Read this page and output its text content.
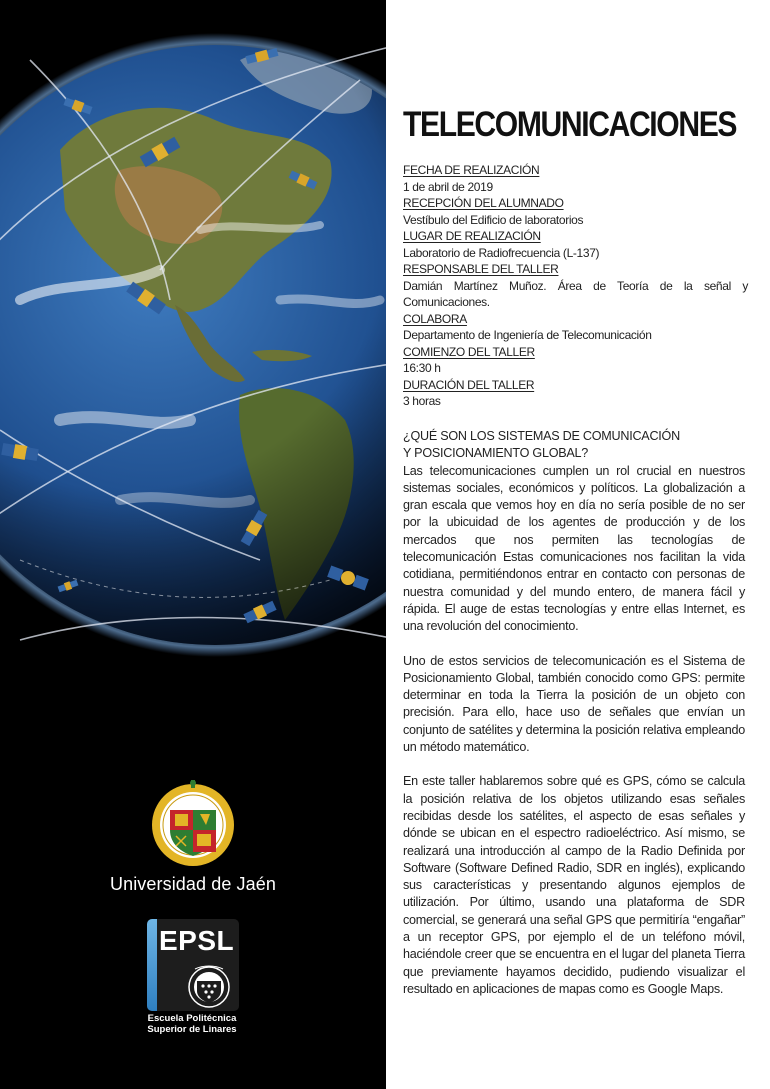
Universidad de Jaén
EPSL
Escuela Politécnica
Superior de Linares
TELECOMUNICACIONES
FECHA DE REALIZACIÓN
1 de abril de 2019
RECEPCIÓN DEL ALUMNADO
Vestíbulo del Edificio de laboratorios
LUGAR DE REALIZACIÓN
Laboratorio de Radiofrecuencia (L-137)
RESPONSABLE DEL TALLER
Damián Martínez Muñoz. Área de Teoría de la señal y Comunicaciones.
COLABORA
Departamento de Ingeniería de Telecomunicación
COMIENZO DEL TALLER
16:30 h
DURACIÓN DEL TALLER
3 horas
¿QUÉ SON LOS SISTEMAS DE COMUNICACIÓN
Y POSICIONAMIENTO GLOBAL?

Las telecomunicaciones cumplen un rol crucial en nuestros sistemas sociales, económicos y políticos. La globalización a gran escala que vemos hoy en día no sería posible de no ser por la ubicuidad de los agentes de producción y de los mercados que nos permiten las tecnologías de telecomunicación Estas comunicaciones nos facilitan la vida cotidiana, permitiéndonos entrar en contacto con personas de nuestra comunidad y del mundo entero, de manera fácil y rápida. El auge de estas tecnologías y entre ellas Internet, es una revolución del conocimiento.

Uno de estos servicios de telecomunicación es el Sistema de Posicionamiento Global, también conocido como GPS: permite determinar en toda la Tierra la posición de un objeto con precisión. Para ello, hace uso de señales que envían un conjunto de satélites y determina la posición relativa empleando un método matemático.

En este taller hablaremos sobre qué es GPS, cómo se calcula la posición relativa de los objetos utilizando esas señales recibidas desde los satélites, el aspecto de esas señales y dónde se ubican en el espectro radioeléctrico. Así mismo, se realizará una introducción al campo de la Radio Definida por Software (Software Defined Radio, SDR en inglés), explicando sus características y presentando algunos ejemplos de utilización. Por último, usando una plataforma de SDR comercial, se generará una señal GPS que permitiría “engañar” a un receptor GPS, por ejemplo el de un teléfono móvil, haciéndole creer que se encuentra en el lugar del planeta Tierra que previamente hayamos decidido, pudiendo visualizar el resultado en aplicaciones de mapas como es Google Maps.
